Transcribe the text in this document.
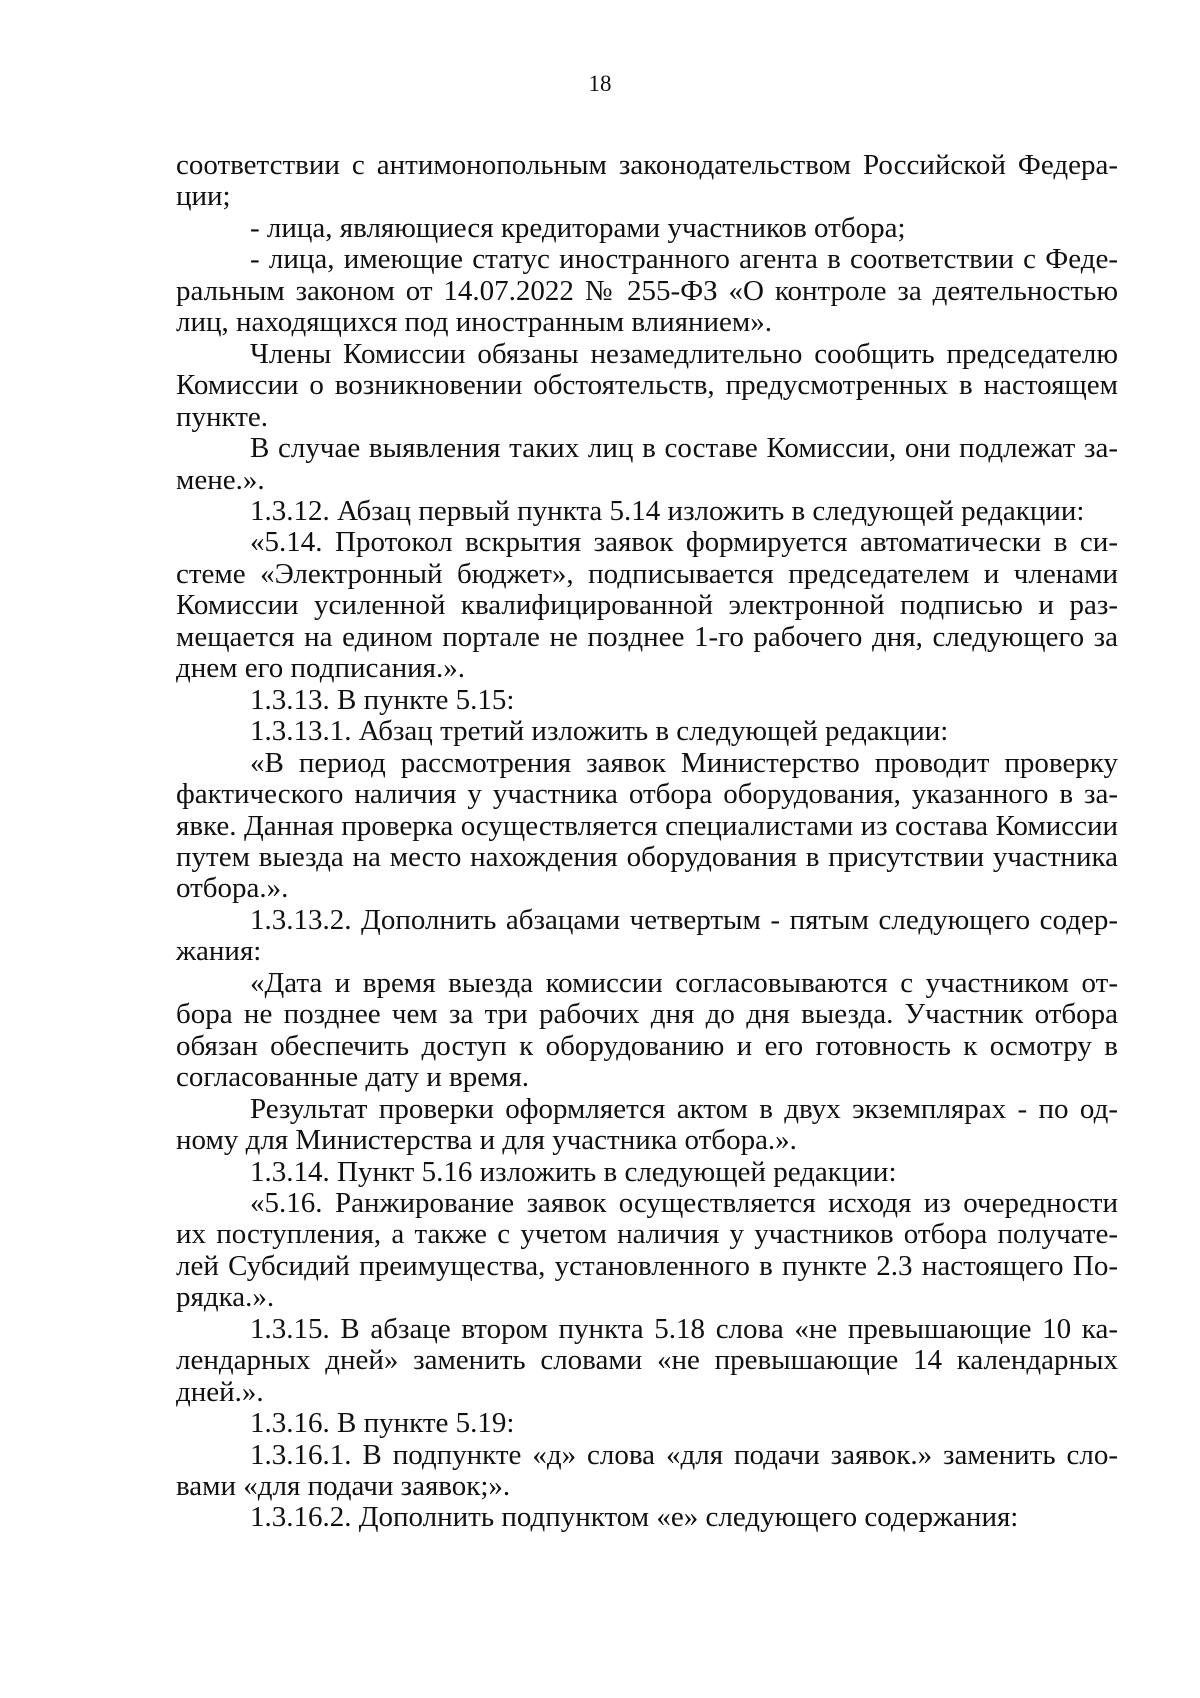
18

соответствии с антимонопольным законодательством Российской Федерации;

- лица, являющиеся кредиторами участников отбора;

- лица, имеющие статус иностранного агента в соответствии с Федеральным законом от 14.07.2022 № 255-ФЗ «О контроле за деятельностью лиц, находящихся под иностранным влиянием».

Члены Комиссии обязаны незамедлительно сообщить председателю Комиссии о возникновении обстоятельств, предусмотренных в настоящем пункте.

В случае выявления таких лиц в составе Комиссии, они подлежат замене.».

1.3.12. Абзац первый пункта 5.14 изложить в следующей редакции:

«5.14. Протокол вскрытия заявок формируется автоматически в системе «Электронный бюджет», подписывается председателем и членами Комиссии усиленной квалифицированной электронной подписью и размещается на едином портале не позднее 1-го рабочего дня, следующего за днем его подписания.».

1.3.13. В пункте 5.15:

1.3.13.1. Абзац третий изложить в следующей редакции:

«В период рассмотрения заявок Министерство проводит проверку фактического наличия у участника отбора оборудования, указанного в заявке. Данная проверка осуществляется специалистами из состава Комиссии путем выезда на место нахождения оборудования в присутствии участника отбора.».

1.3.13.2. Дополнить абзацами четвертым - пятым следующего содержания:

«Дата и время выезда комиссии согласовываются с участником отбора не позднее чем за три рабочих дня до дня выезда. Участник отбора обязан обеспечить доступ к оборудованию и его готовность к осмотру в согласованные дату и время.

Результат проверки оформляется актом в двух экземплярах - по одному для Министерства и для участника отбора.».

1.3.14. Пункт 5.16 изложить в следующей редакции:

«5.16. Ранжирование заявок осуществляется исходя из очередности их поступления, а также с учетом наличия у участников отбора получателей Субсидий преимущества, установленного в пункте 2.3 настоящего Порядка.».

1.3.15. В абзаце втором пункта 5.18 слова «не превышающие 10 календарных дней» заменить словами «не превышающие 14 календарных дней.».

1.3.16. В пункте 5.19:

1.3.16.1. В подпункте «д» слова «для подачи заявок.» заменить словами «для подачи заявок;».

1.3.16.2. Дополнить подпунктом «е» следующего содержания:
